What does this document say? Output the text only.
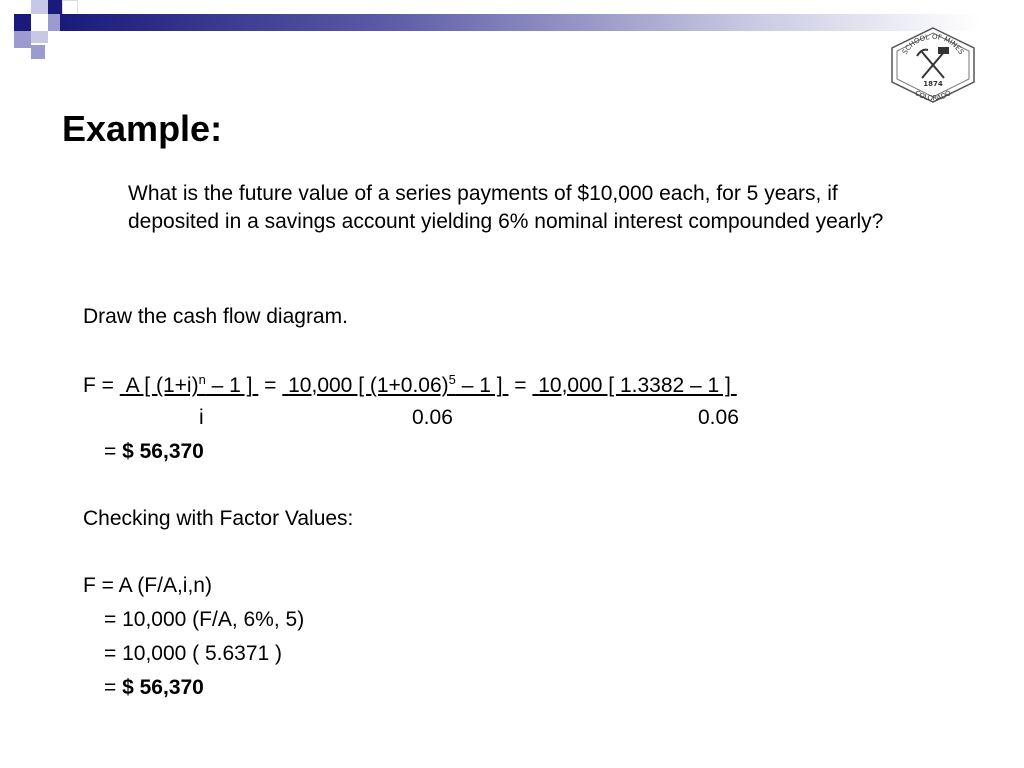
SCHOOL OF MINES
COLORADO
1874
Example:
What is the future value of a series payments of $10,000 each, for 5 years, if deposited in a savings account yielding 6% nominal interest compounded yearly?
Draw the cash flow diagram.
F =  A [ $(1+i)^n - 1$ ]  =  10,000 [ $(1+0.06)^5 - 1$ ]  =  10,000 [ 1.3382 – 1 ]
i	0.06	0.06
= $ 56,370
Checking with Factor Values:
F = A (F/A,i,n)
= 10,000 (F/A, 6%, 5)
= 10,000 ( 5.6371 )
= $ 56,370
